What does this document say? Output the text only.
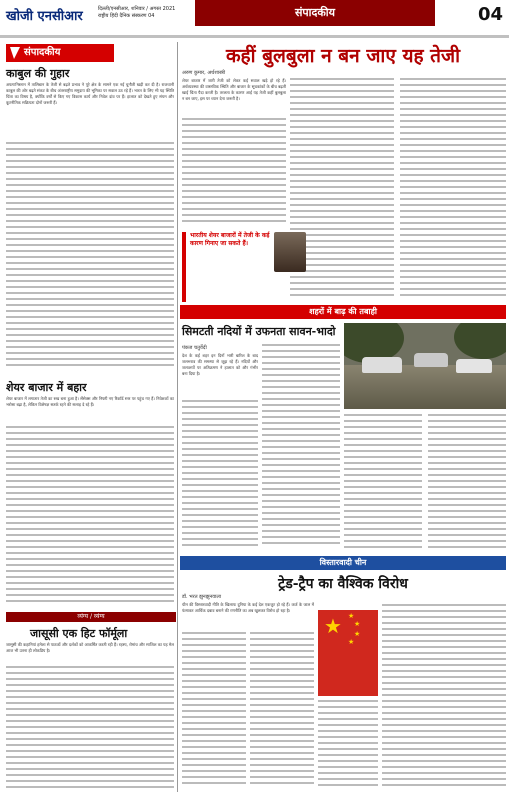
खोजी एनसीआर	दिल्ली/एनसीआर, शनिवार / अगस्त 2021
राष्ट्रीय हिंदी दैनिक संस्करण 04	संपादकीय	04
संपादकीय
काबुल की गुहार
अफगानिस्तान में तालिबान के तेजी से बढ़ते प्रभाव ने पूरे क्षेत्र के सामने एक नई चुनौती खड़ी कर दी है। राजधानी काबुल की ओर बढ़ते संकट के बीच अंतरराष्ट्रीय समुदाय की भूमिका पर सवाल उठ रहे हैं। भारत के लिए भी यह स्थिति चिंता का विषय है, क्योंकि वर्षों से किए गए विकास कार्य और निवेश दांव पर हैं। हालात को देखते हुए संयम और कूटनीतिक सक्रियता दोनों जरूरी हैं।
शेयर बाजार में बहार
शेयर बाजार में लगातार तेजी का रुख बना हुआ है। सेंसेक्स और निफ्टी नए रिकॉर्ड स्तर पर पहुंच गए हैं। निवेशकों का भरोसा बढ़ा है, लेकिन विशेषज्ञ सतर्क रहने की सलाह दे रहे हैं।
व्यंग्य / व्यंग्य
जासूसी एक हिट फॉर्मूला
जासूसी की कहानियां हमेशा से पाठकों और दर्शकों को आकर्षित करती रही हैं। रहस्य, रोमांच और साजिश का यह मेल आज भी उतना ही लोकप्रिय है।
कहीं बुलबुला न बन जाए यह तेजी
अरुण कुमार, अर्थशास्त्री
शेयर बाजार में जारी तेजी को लेकर कई सवाल खड़े हो रहे हैं। अर्थव्यवस्था की वास्तविक स्थिति और बाजार के सूचकांकों के बीच बढ़ती खाई चिंता पैदा करती है। तरलता के कारण आई यह तेजी कहीं बुलबुला न बन जाए, इस पर ध्यान देना जरूरी है।
भारतीय शेयर बाजारों में तेजी के कई कारण गिनाए जा सकते हैं।
शहरों में बाढ़ की तबाही
सिमटती नदियों में उफनता सावन-भादो
पंकज चतुर्वेदी
देश के कई शहर इन दिनों भारी बारिश के बाद जलभराव की समस्या से जूझ रहे हैं। नदियों और जलाशयों पर अतिक्रमण ने हालात को और गंभीर बना दिया है।
विस्तारवादी चीन
ट्रेड-ट्रैप का वैश्विक विरोध
डॉ. भरत झुनझुनवाला
चीन की विस्तारवादी नीति के खिलाफ दुनिया के कई देश एकजुट हो रहे हैं। कर्ज के जाल में फंसाकर आर्थिक दबाव बनाने की रणनीति का अब खुलकर विरोध हो रहा है।
★ ★
★
★
★
